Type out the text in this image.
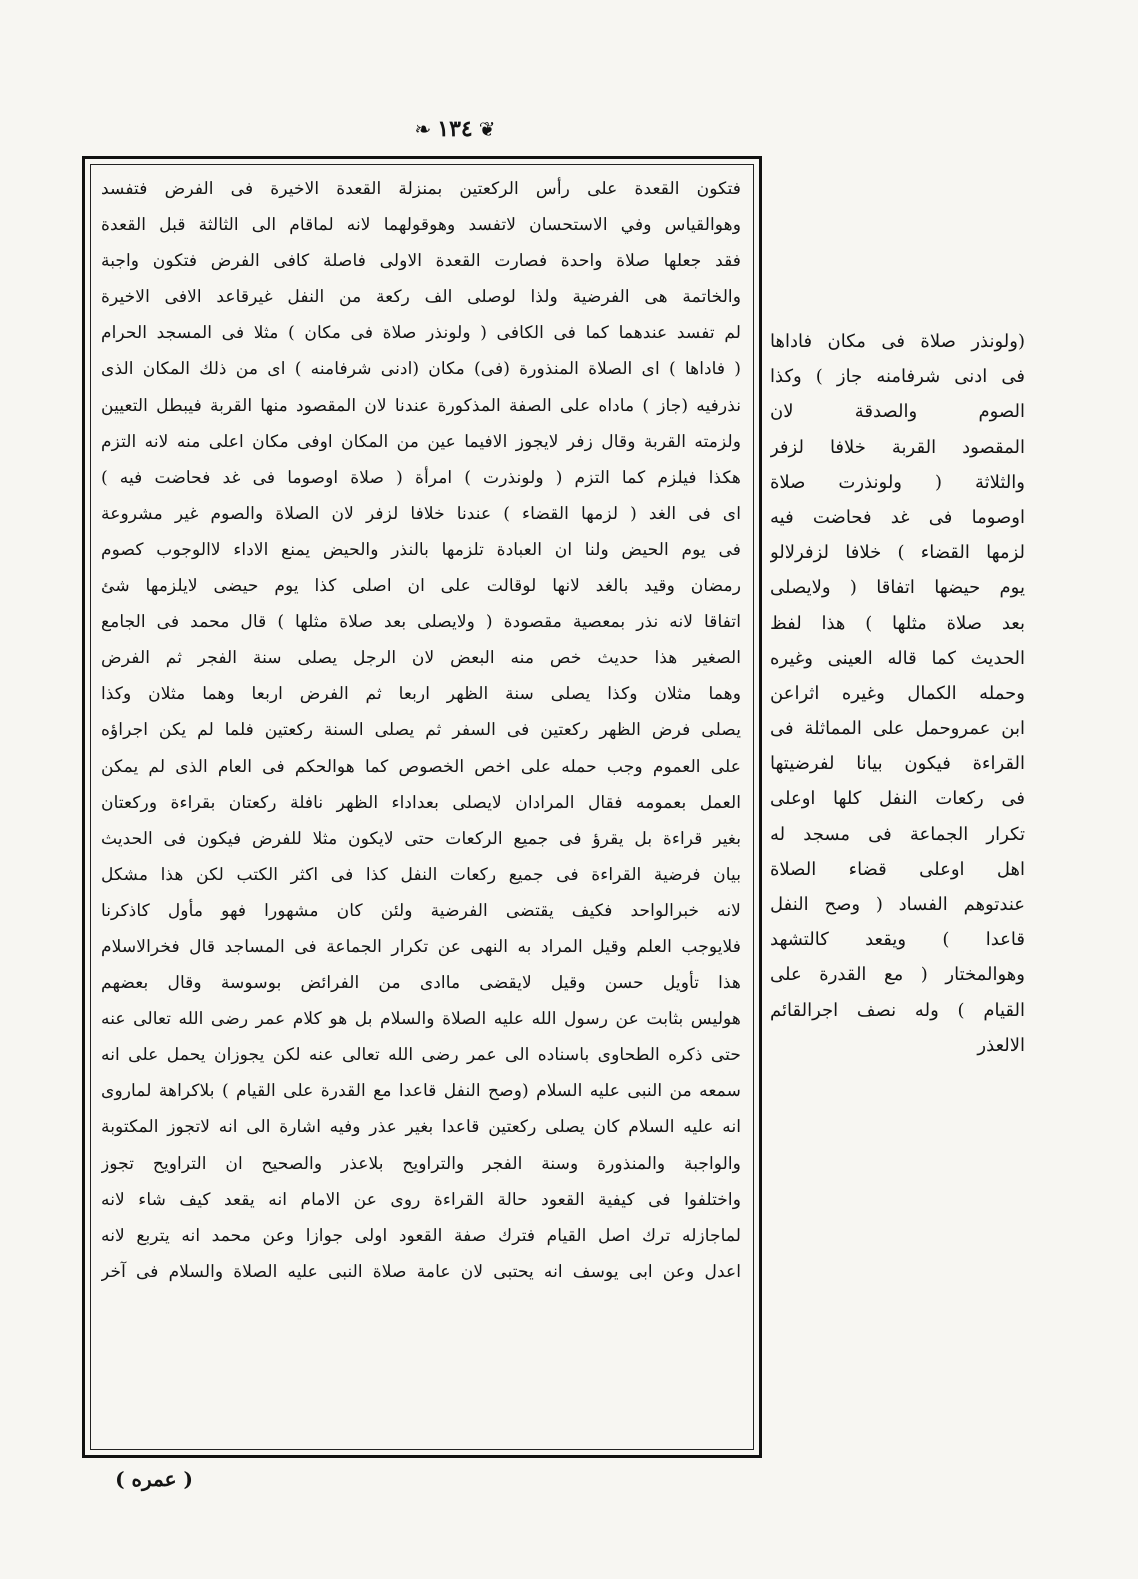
❧ ١٣٤ ❦
فتكون القعدة على رأس الركعتين بمنزلة القعدة الاخيرة فى الفرض فتفسد
وهوالقياس وفي الاستحسان لاتفسد وهوقولهما لانه لماقام الى الثالثة قبل القعدة
فقد جعلها صلاة واحدة فصارت القعدة الاولى فاصلة كافى الفرض فتكون واجبة
والخاتمة هى الفرضية ولذا لوصلى الف ركعة من النفل غيرقاعد الافى الاخيرة
لم تفسد عندهما كما فى الكافى ( ولونذر صلاة فى مكان ) مثلا فى المسجد الحرام
( فاداها ) اى الصلاة المنذورة (فى) مكان (ادنى شرفامنه ) اى من ذلك المكان الذى
نذرفيه (جاز ) ماداه على الصفة المذكورة عندنا لان المقصود منها القربة فيبطل التعيين
ولزمته القربة وقال زفر لايجوز الافيما عين من المكان اوفى مكان اعلى منه لانه التزم
هكذا فيلزم كما التزم ( ولونذرت ) امرأة ( صلاة اوصوما فى غد فحاضت فيه )
اى فى الغد ( لزمها القضاء ) عندنا خلافا لزفر لان الصلاة والصوم غير مشروعة
فى يوم الحيض ولنا ان العبادة تلزمها بالنذر والحيض يمنع الاداء لاالوجوب كصوم
رمضان وقيد بالغد لانها لوقالت على ان اصلى كذا يوم حيضى لايلزمها شئ
اتفاقا لانه نذر بمعصية مقصودة ( ولايصلى بعد صلاة مثلها ) قال محمد فى الجامع
الصغير هذا حديث خص منه البعض لان الرجل يصلى سنة الفجر ثم الفرض
وهما مثلان وكذا يصلى سنة الظهر اربعا ثم الفرض اربعا وهما مثلان وكذا
يصلى فرض الظهر ركعتين فى السفر ثم يصلى السنة ركعتين فلما لم يكن اجراؤه
على العموم وجب حمله على اخص الخصوص كما هوالحكم فى العام الذى لم يمكن
العمل بعمومه فقال المرادان لايصلى بعداداء الظهر نافلة ركعتان بقراءة وركعتان
بغير قراءة بل يقرؤ فى جميع الركعات حتى لايكون مثلا للفرض فيكون فى الحديث
بيان فرضية القراءة فى جميع ركعات النفل كذا فى اكثر الكتب لكن هذا مشكل
لانه خبرالواحد فكيف يقتضى الفرضية ولئن كان مشهورا فهو مأول كاذكرنا
فلايوجب العلم وقيل المراد به النهى عن تكرار الجماعة فى المساجد قال فخرالاسلام
هذا تأويل حسن وقيل لايقضى ماادى من الفرائض بوسوسة وقال بعضهم
هوليس بثابت عن رسول الله عليه الصلاة والسلام بل هو كلام عمر رضى الله تعالى عنه
حتى ذكره الطحاوى باسناده الى عمر رضى الله تعالى عنه لكن يجوزان يحمل على انه
سمعه من النبى عليه السلام (وصح النفل قاعدا مع القدرة على القيام ) بلاكراهة لماروى
انه عليه السلام كان يصلى ركعتين قاعدا بغير عذر وفيه اشارة الى انه لاتجوز المكتوبة
والواجبة والمنذورة وسنة الفجر والتراويح بلاعذر والصحيح ان التراويح تجوز
واختلفوا فى كيفية القعود حالة القراءة روى عن الامام انه يقعد كيف شاء لانه
لماجازله ترك اصل القيام فترك صفة القعود اولى جوازا وعن محمد انه يتربع لانه
اعدل وعن ابى يوسف انه يحتبى لان عامة صلاة النبى عليه الصلاة والسلام فى آخر
(ولونذر صلاة فى مكان فاداها
فى ادنى شرفامنه جاز ) وكذا
الصوم والصدقة لان
المقصود القربة خلافا لزفر
والثلاثة ( ولونذرت صلاة
اوصوما فى غد فحاضت فيه
لزمها القضاء ) خلافا لزفرلالو
يوم حيضها اتفاقا ( ولايصلى
بعد صلاة مثلها ) هذا لفظ
الحديث كما قاله العينى وغيره
وحمله الكمال وغيره اثراعن
ابن عمروحمل على المماثلة فى
القراءة فيكون بيانا لفرضيتها
فى ركعات النفل كلها اوعلى
تكرار الجماعة فى مسجد له
اهل اوعلى قضاء الصلاة
عندتوهم الفساد ( وصح النفل
قاعدا ) ويقعد كالتشهد
وهوالمختار ( مع القدرة على
القيام ) وله نصف اجرالقائم
الالعذر
( عمره )
